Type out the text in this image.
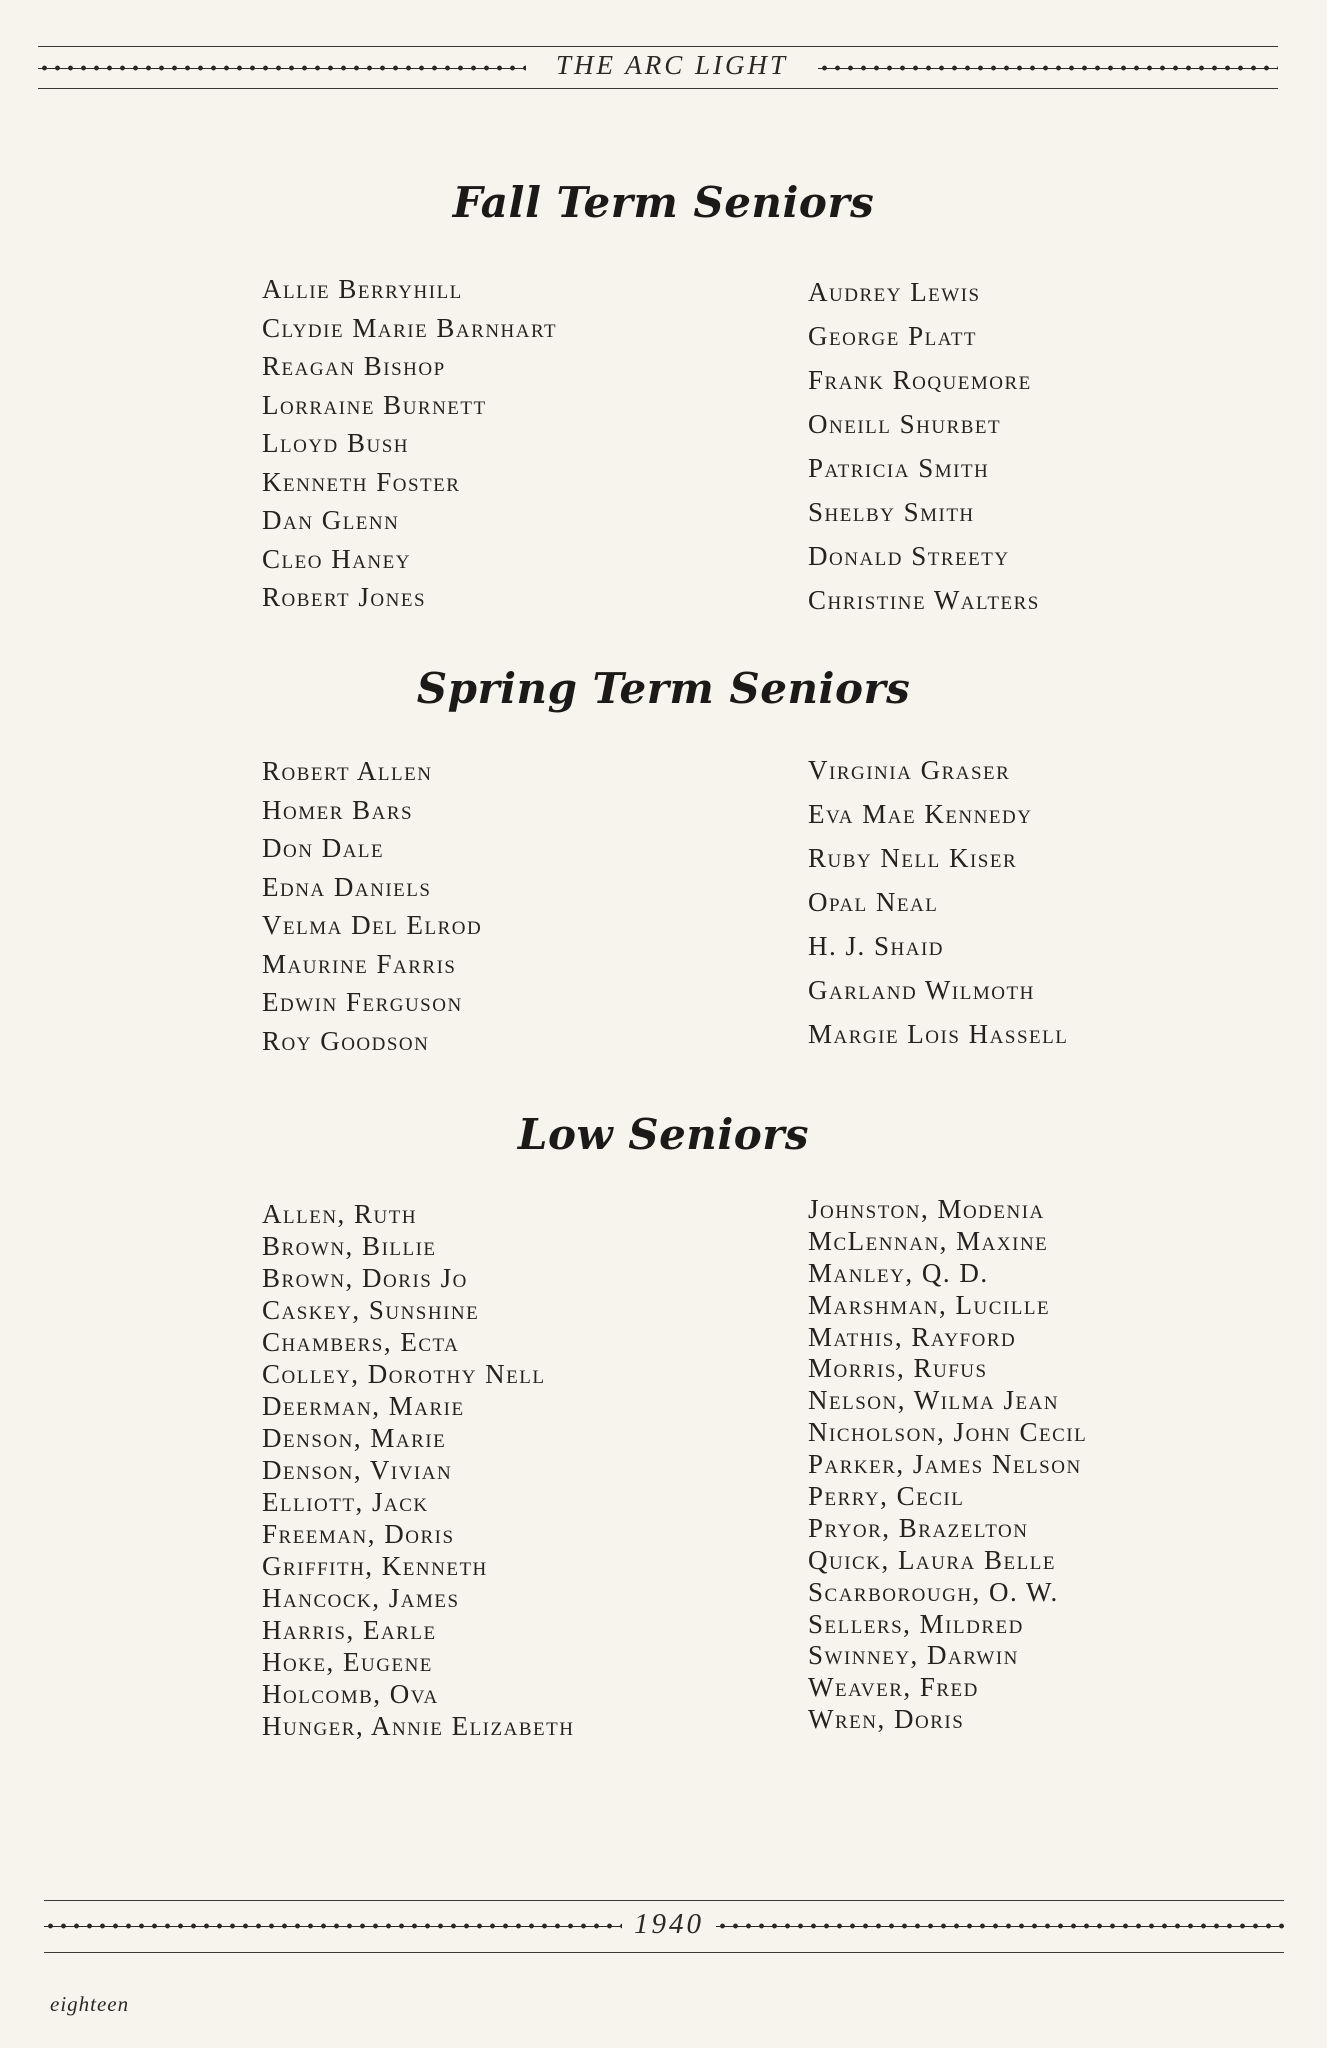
THE ARC LIGHT
Fall Term Seniors
Allie Berryhill
Clydie Marie Barnhart
Reagan Bishop
Lorraine Burnett
Lloyd Bush
Kenneth Foster
Dan Glenn
Cleo Haney
Robert Jones
Audrey Lewis
George Platt
Frank Roquemore
Oneill Shurbet
Patricia Smith
Shelby Smith
Donald Streety
Christine Walters
Spring Term Seniors
Robert Allen
Homer Bars
Don Dale
Edna Daniels
Velma Del Elrod
Maurine Farris
Edwin Ferguson
Roy Goodson
Virginia Graser
Eva Mae Kennedy
Ruby Nell Kiser
Opal Neal
H. J. Shaid
Garland Wilmoth
Margie Lois Hassell
Low Seniors
Allen, Ruth
Brown, Billie
Brown, Doris Jo
Caskey, Sunshine
Chambers, Ecta
Colley, Dorothy Nell
Deerman, Marie
Denson, Marie
Denson, Vivian
Elliott, Jack
Freeman, Doris
Griffith, Kenneth
Hancock, James
Harris, Earle
Hoke, Eugene
Holcomb, Ova
Hunger, Annie Elizabeth
Johnston, Modenia
McLennan, Maxine
Manley, Q. D.
Marshman, Lucille
Mathis, Rayford
Morris, Rufus
Nelson, Wilma Jean
Nicholson, John Cecil
Parker, James Nelson
Perry, Cecil
Pryor, Brazelton
Quick, Laura Belle
Scarborough, O. W.
Sellers, Mildred
Swinney, Darwin
Weaver, Fred
Wren, Doris
1940
eighteen
